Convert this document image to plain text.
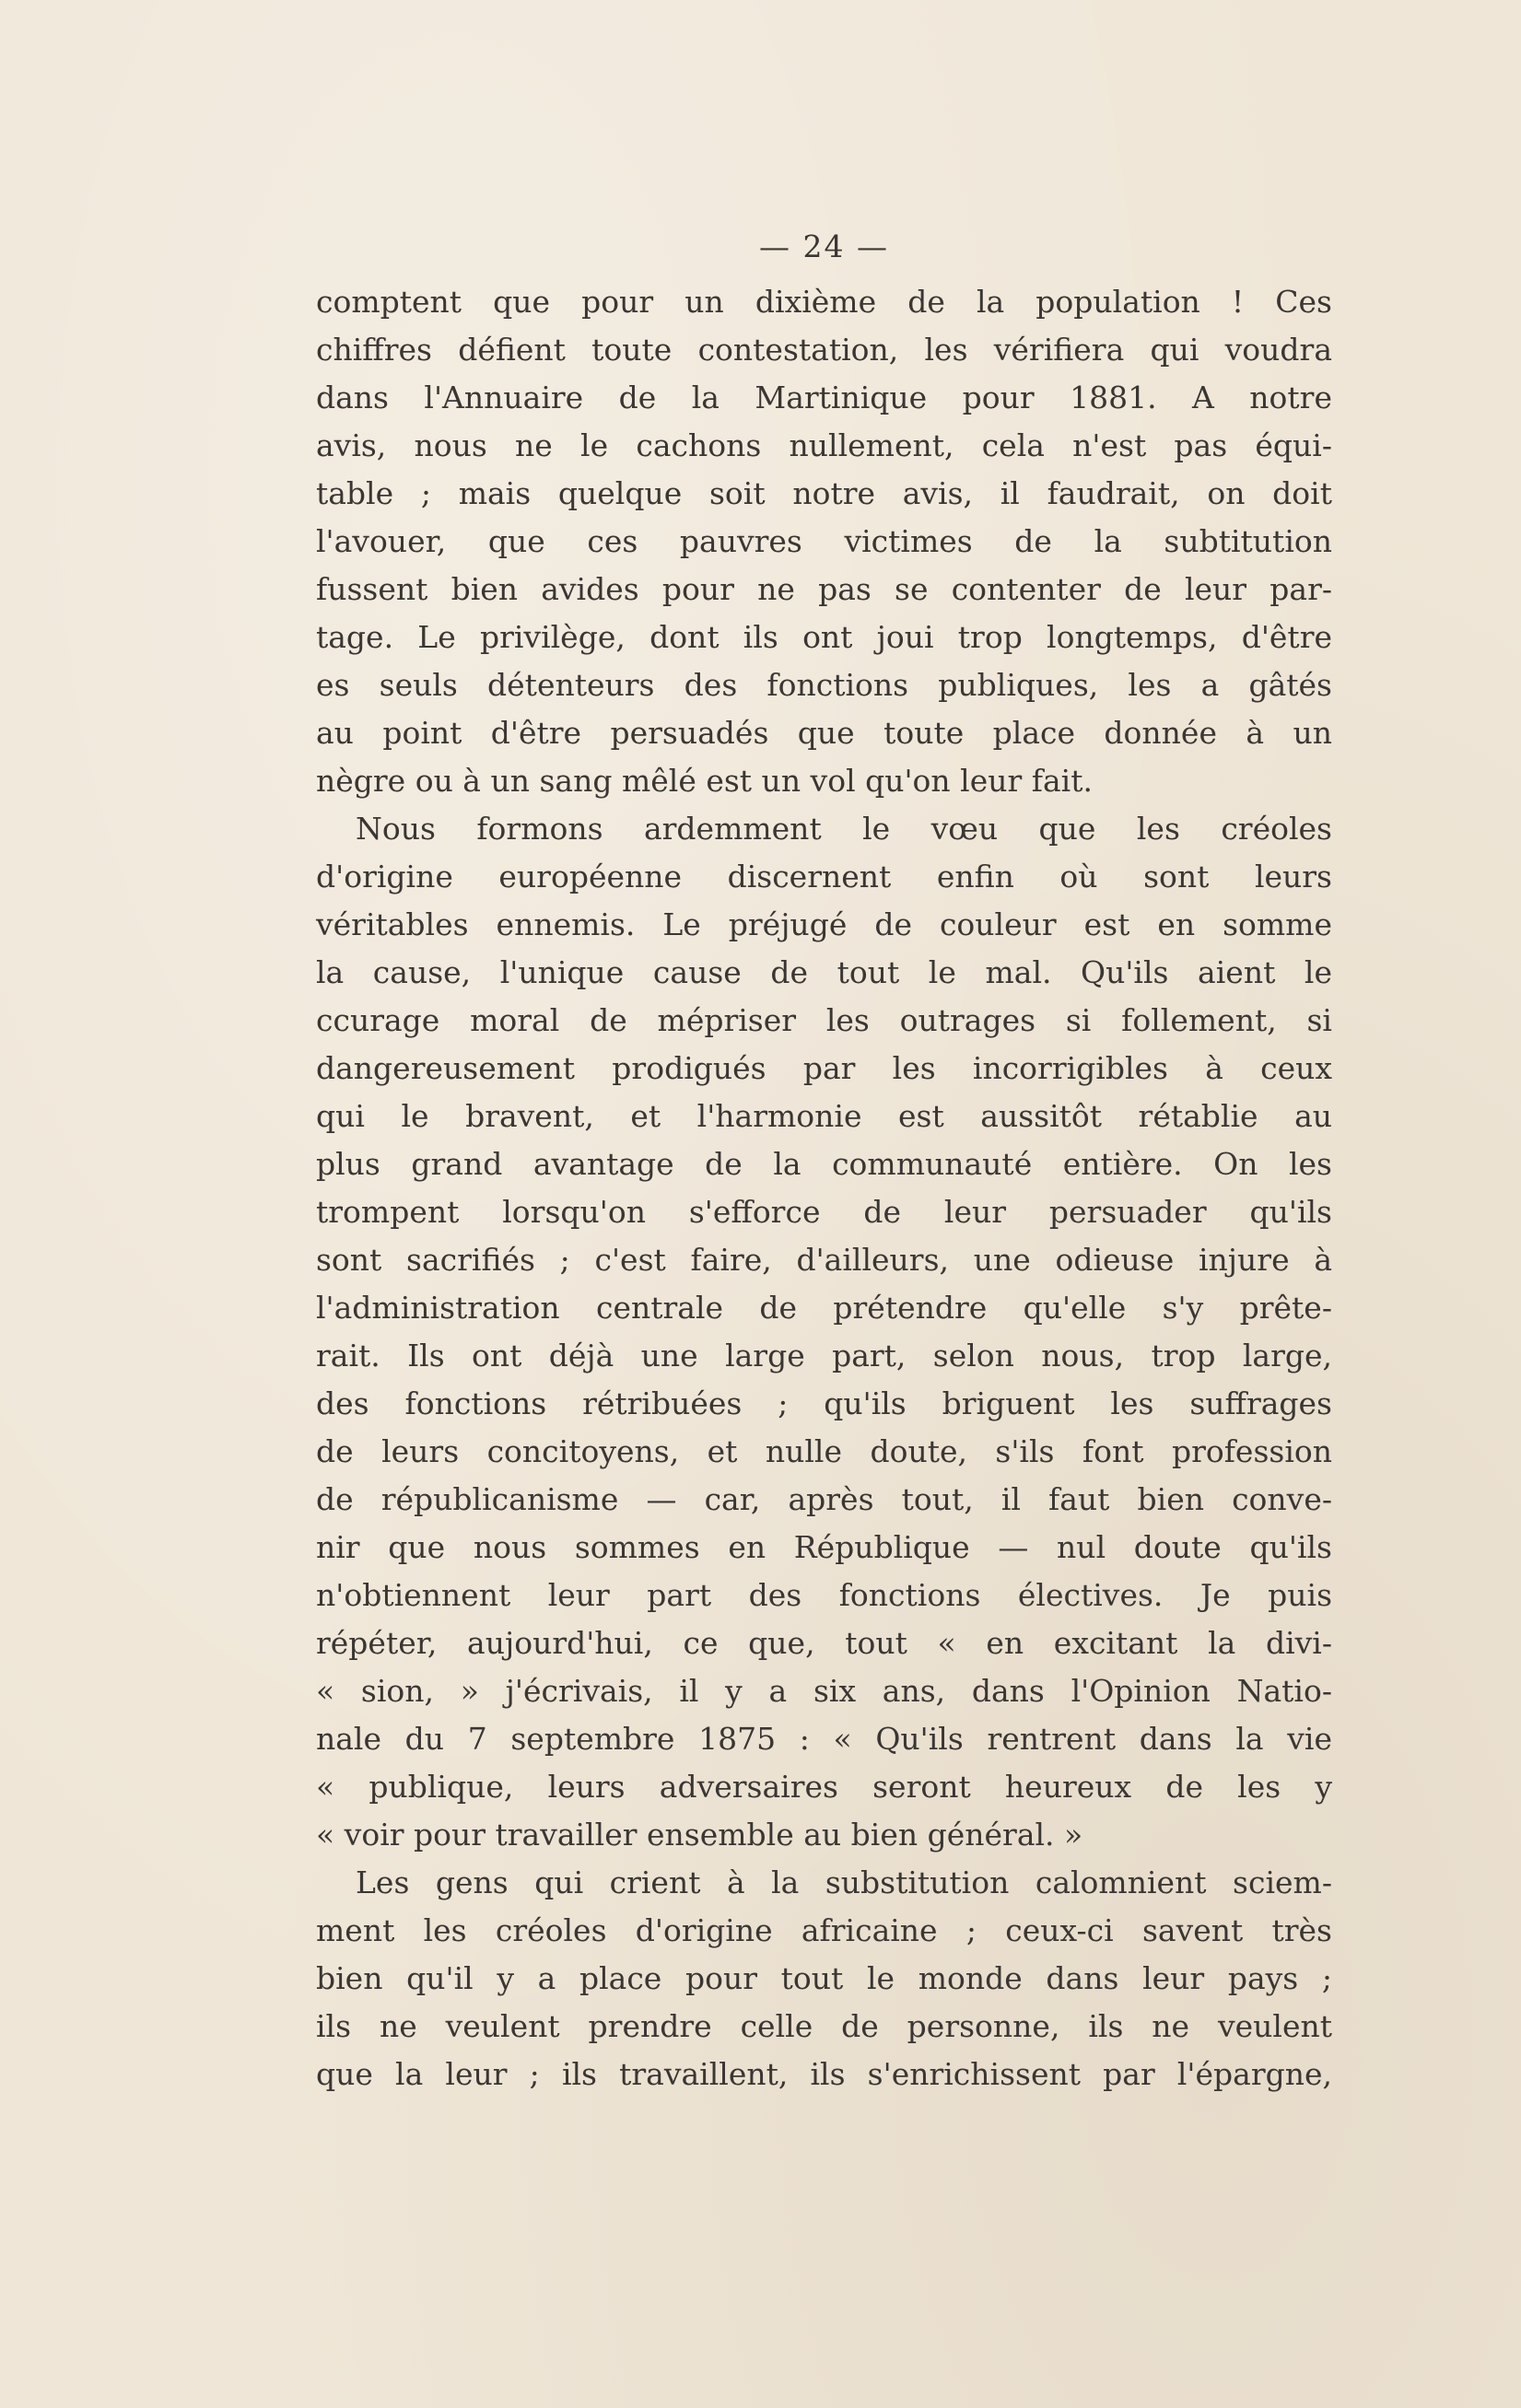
— 24 —
comptent que pour un dixième de la population ! Ces
chiffres défient toute contestation, les vérifiera qui voudra
dans l'Annuaire de la Martinique pour 1881. A notre
avis, nous ne le cachons nullement, cela n'est pas équi-
table ; mais quelque soit notre avis, il faudrait, on doit
l'avouer, que ces pauvres victimes de la subtitution
fussent bien avides pour ne pas se contenter de leur par-
tage. Le privilège, dont ils ont joui trop longtemps, d'être
es seuls détenteurs des fonctions publiques, les a gâtés
au point d'être persuadés que toute place donnée à un
nègre ou à un sang mêlé est un vol qu'on leur fait.
Nous formons ardemment le vœu que les créoles
d'origine européenne discernent enfin où sont leurs
véritables ennemis. Le préjugé de couleur est en somme
la cause, l'unique cause de tout le mal. Qu'ils aient le
ccurage moral de mépriser les outrages si follement, si
dangereusement prodigués par les incorrigibles à ceux
qui le bravent, et l'harmonie est aussitôt rétablie au
plus grand avantage de la communauté entière. On les
trompent lorsqu'on s'efforce de leur persuader qu'ils
sont sacrifiés ; c'est faire, d'ailleurs, une odieuse injure à
l'administration centrale de prétendre qu'elle s'y prête-
rait. Ils ont déjà une large part, selon nous, trop large,
des fonctions rétribuées ; qu'ils briguent les suffrages
de leurs concitoyens, et nulle doute, s'ils font profession
de républicanisme — car, après tout, il faut bien conve-
nir que nous sommes en République — nul doute qu'ils
n'obtiennent leur part des fonctions électives. Je puis
répéter, aujourd'hui, ce que, tout « en excitant la divi-
« sion, » j'écrivais, il y a six ans, dans l'Opinion Natio-
nale du 7 septembre 1875 : « Qu'ils rentrent dans la vie
« publique, leurs adversaires seront heureux de les y
« voir pour travailler ensemble au bien général. »
Les gens qui crient à la substitution calomnient sciem-
ment les créoles d'origine africaine ; ceux-ci savent très
bien qu'il y a place pour tout le monde dans leur pays ;
ils ne veulent prendre celle de personne, ils ne veulent
que la leur ; ils travaillent, ils s'enrichissent par l'épargne,
